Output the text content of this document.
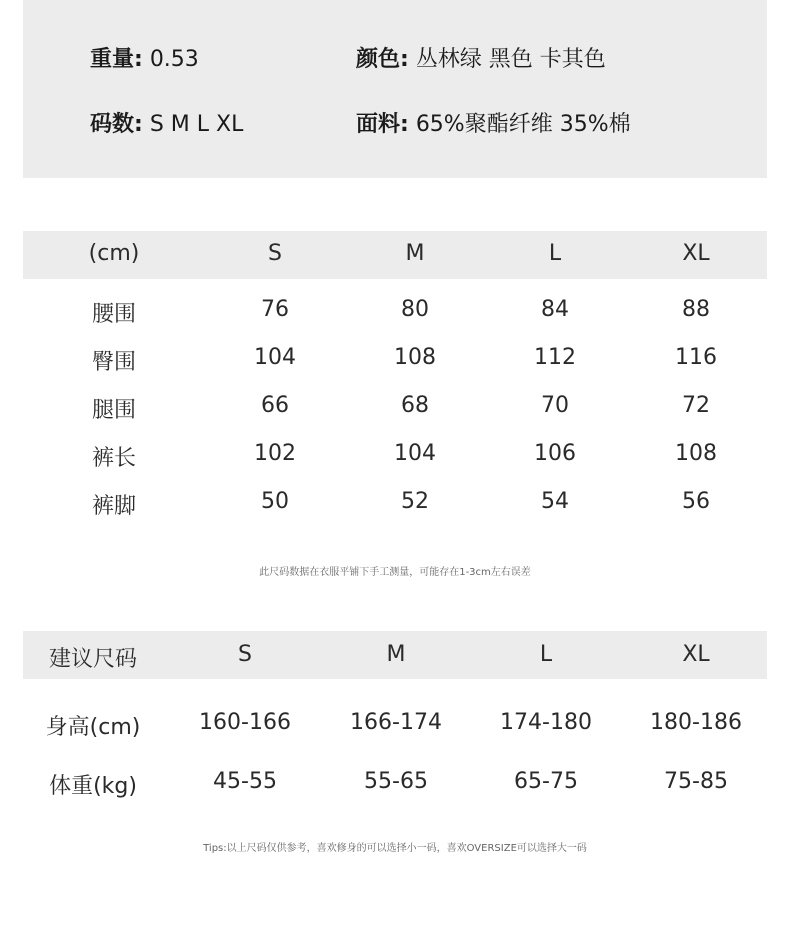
重量: 0.53	颜色: 丛林绿 黑色 卡其色
码数: S M L XL	面料: 65%聚酯纤维 35%棉
(cm)	S	M	L	XL
腰围	76	80	84	88
臀围	104	108	112	116
腿围	66	68	70	72
裤长	102	104	106	108
裤脚	50	52	54	56
此尺码数据在衣服平铺下手工测量，可能存在1-3cm左右误差
建议尺码	S	M	L	XL
身高(cm)	160-166	166-174	174-180	180-186
体重(kg)	45-55	55-65	65-75	75-85
Tips:以上尺码仅供参考，喜欢修身的可以选择小一码，喜欢OVERSIZE可以选择大一码
